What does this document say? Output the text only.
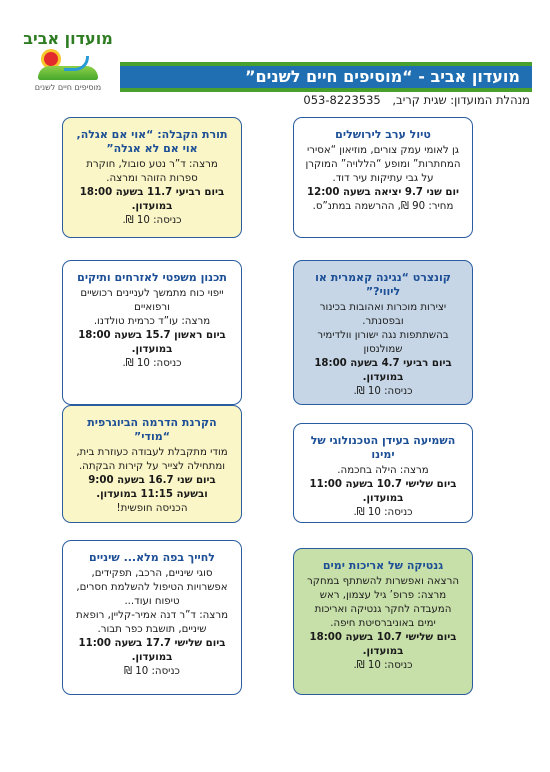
מועדון אביב
מוסיפים חיים לשנים
מועדון אביב - “מוסיפים חיים לשנים”
מנהלת המועדון: שגית קריב, 053-8223535

טיול ערב לירושלים

גן לאומי עמק צורים, מוזיאון “אסירי

המחתרות” ומופע “הללויה” המוקרן

על גבי עתיקות עיר דוד.

יום שני 9.7 יציאה בשעה 12:00

מחיר: 90 ₪, ההרשמה במתנ”ס.

תורת הקבלה: “אוי אם אגלה, אוי אם לא אגלה”

מרצה: ד”ר נטע סובול, חוקרת

ספרות הזוהר ומרצה.

ביום רביעי 11.7 בשעה 18:00

במועדון.

כניסה: 10 ₪.

קונצרט “נגינה קאמרית או ליווי?”

יצירות מוכרות ואהובות בכינור

ובפסנתר.

בהשתתפות נגה ישורון וולדימיר

שמולנסון

ביום רביעי 4.7 בשעה 18:00 במועדון.

כניסה: 10 ₪.

תכנון משפטי לאזרחים ותיקים

ייפוי כוח מתמשך לעניינים רכושיים

ורפואיים

מרצה: עו”ד כרמית טולדנו.

ביום ראשון 15.7 בשעה 18:00

במועדון.

כניסה: 10 ₪.

השמיעה בעידן הטכנולוגי של ימינו

מרצה: הילה בחכמה.

ביום שלישי 10.7 בשעה 11:00

במועדון.

כניסה: 10 ₪.

הקרנת הדרמה הביוגרפית “מודי”

מודי מתקבלת לעבודה כעוזרת בית,

ומתחילה לצייר על קירות הבקתה.

ביום שני 16.7 בשעה 9:00

ובשעה 11:15 במועדון.

הכניסה חופשית!

גנטיקה של אריכות ימים

הרצאה ואפשרות להשתתף במחקר

מרצה: פרופ’ גיל עצמון, ראש

המעבדה לחקר גנטיקה ואריכות

ימים באוניברסיטת חיפה.

ביום שלישי 10.7 בשעה 18:00

במועדון.

כניסה: 10 ₪.

לחייך בפה מלא... שיניים

סוגי שיניים, הרכב, תפקידים,

אפשרויות הטיפול להשלמת חסרים,

טיפוח ועוד...

מרצה: ד”ר דנה אמיר-קליין, רופאת

שיניים, תושבת כפר תבור.

ביום שלישי 17.7 בשעה 11:00

במועדון.

כניסה: 10 ₪
